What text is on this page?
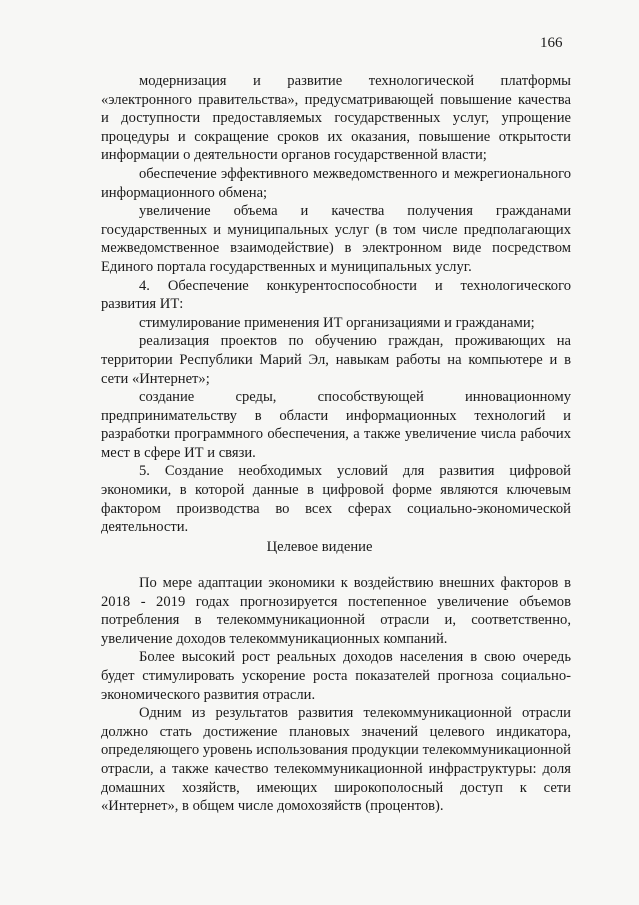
166

модернизация и развитие технологической платформы «электронного правительства», предусматривающей повышение качества и доступности предоставляемых государственных услуг, упрощение процедуры и сокращение сроков их оказания, повышение открытости информации о деятельности органов государственной власти;

обеспечение эффективного межведомственного и межрегионального информационного обмена;

увеличение объема и качества получения гражданами государственных и муниципальных услуг (в том числе предполагающих межведомственное взаимодействие) в электронном виде посредством Единого портала государственных и муниципальных услуг.

4. Обеспечение конкурентоспособности и технологического развития ИТ:

стимулирование применения ИТ организациями и гражданами;

реализация проектов по обучению граждан, проживающих на территории Республики Марий Эл, навыкам работы на компьютере и в сети «Интернет»;

создание среды, способствующей инновационному предпринимательству в области информационных технологий и разработки программного обеспечения, а также увеличение числа рабочих мест в сфере ИТ и связи.

5. Создание необходимых условий для развития цифровой экономики, в которой данные в цифровой форме являются ключевым фактором производства во всех сферах социально-экономической деятельности.

Целевое видение

По мере адаптации экономики к воздействию внешних факторов в 2018 - 2019 годах прогнозируется постепенное увеличение объемов потребления в телекоммуникационной отрасли и, соответственно, увеличение доходов телекоммуникационных компаний.

Более высокий рост реальных доходов населения в свою очередь будет стимулировать ускорение роста показателей прогноза социально-экономического развития отрасли.

Одним из результатов развития телекоммуникационной отрасли должно стать достижение плановых значений целевого индикатора, определяющего уровень использования продукции телекоммуникационной отрасли, а также качество телекоммуникационной инфраструктуры: доля домашних хозяйств, имеющих широкополосный доступ к сети «Интернет», в общем числе домохозяйств (процентов).
